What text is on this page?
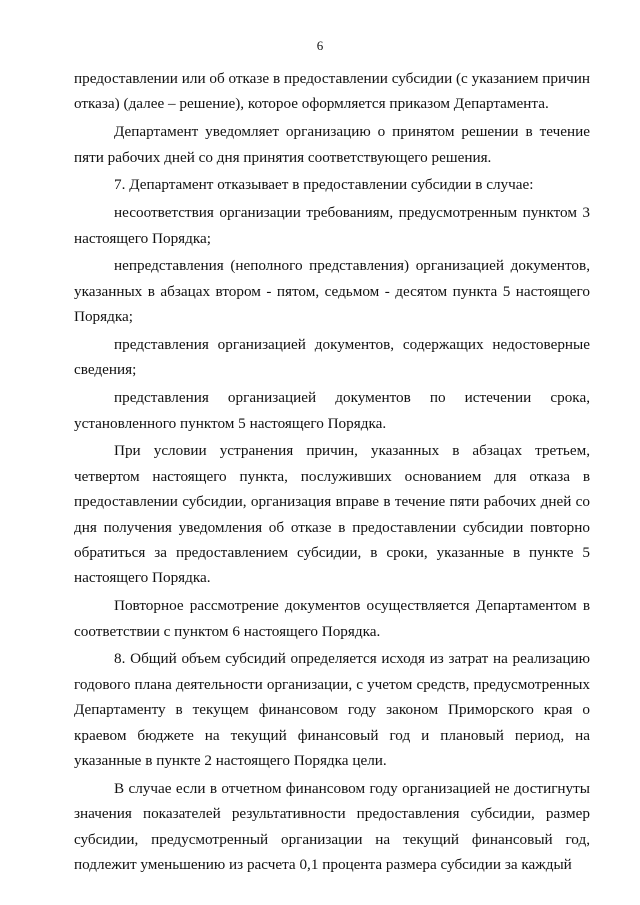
6

предоставлении или об отказе в предоставлении субсидии (с указанием причин отказа) (далее – решение), которое оформляется приказом Департамента.

Департамент уведомляет организацию о принятом решении в течение пяти рабочих дней со дня принятия соответствующего решения.

7. Департамент отказывает в предоставлении субсидии в случае:

несоответствия организации требованиям, предусмотренным пунктом 3 настоящего Порядка;

непредставления (неполного представления) организацией документов, указанных в абзацах втором - пятом, седьмом - десятом пункта 5 настоящего Порядка;

представления организацией документов, содержащих недостоверные сведения;

представления организацией документов по истечении срока,

установленного пунктом 5 настоящего Порядка.

При условии устранения причин, указанных в абзацах третьем, четвертом настоящего пункта, послуживших основанием для отказа в предоставлении субсидии, организация вправе в течение пяти рабочих дней со дня получения уведомления об отказе в предоставлении субсидии повторно обратиться за предоставлением субсидии, в сроки, указанные в пункте 5 настоящего Порядка.

Повторное рассмотрение документов осуществляется Департаментом в соответствии с пунктом 6 настоящего Порядка.

8. Общий объем субсидий определяется исходя из затрат на реализацию годового плана деятельности организации, с учетом средств, предусмотренных Департаменту в текущем финансовом году законом Приморского края о краевом бюджете на текущий финансовый год и плановый период, на указанные в пункте 2 настоящего Порядка цели.

В случае если в отчетном финансовом году организацией не достигнуты значения показателей результативности предоставления субсидии, размер субсидии, предусмотренный организации на текущий финансовый год, подлежит уменьшению из расчета 0,1 процента размера субсидии за каждый
